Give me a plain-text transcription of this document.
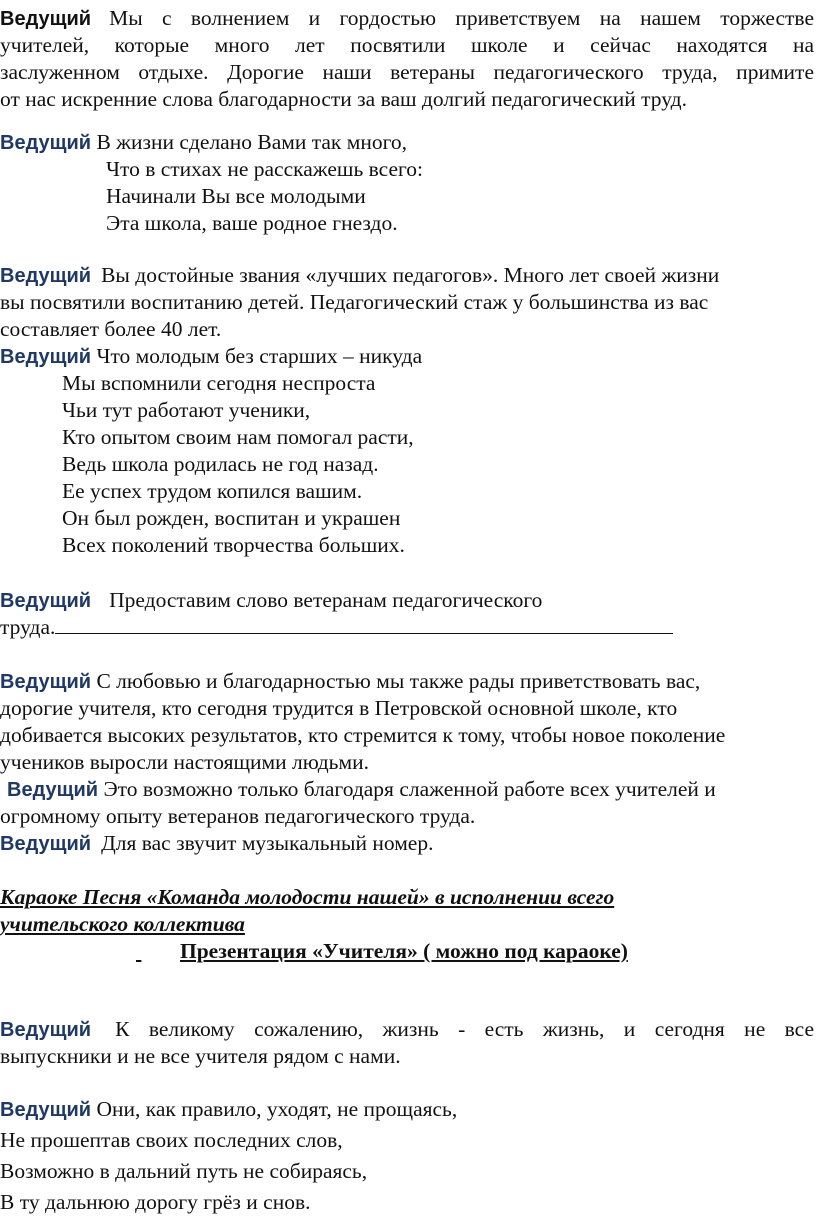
Ведущий Мы с волнением и гордостью приветствуем на нашем торжестве
учителей, которые много лет посвятили школе и сейчас находятся на
заслуженном отдыхе. Дорогие наши ветераны педагогического труда, примите
от нас искренние слова благодарности за ваш долгий педагогический труд.
Ведущий В жизни сделано Вами так много,
Что в стихах не расскажешь всего:
Начинали Вы все молодыми
Эта школа, ваше родное гнездо.
Ведущий Вы достойные звания «лучших педагогов». Много лет своей жизни
вы посвятили воспитанию детей. Педагогический стаж у большинства из вас
составляет более 40 лет.
Ведущий Что молодым без старших – никуда
Мы вспомнили сегодня неспроста
Чьи тут работают ученики,
Кто опытом своим нам помогал расти,
Ведь школа родилась не год назад.
Ее успех трудом копился вашим.
Он был рожден, воспитан и украшен
Всех поколений творчества больших.
Ведущий Предоставим слово ветеранам педагогического
труда.
Ведущий С любовью и благодарностью мы также рады приветствовать вас,
дорогие учителя, кто сегодня трудится в Петровской основной школе, кто
добивается высоких результатов, кто стремится к тому, чтобы новое поколение
учеников выросли настоящими людьми.
Ведущий Это возможно только благодаря слаженной работе всех учителей и
огромному опыту ветеранов педагогического труда.
Ведущий Для вас звучит музыкальный номер.
Караоке Песня «Команда молодости нашей» в исполнении всего
учительского коллектива
Презентация «Учителя» ( можно под караоке)
Ведущий К великому сожалению, жизнь - есть жизнь, и сегодня не все
выпускники и не все учителя рядом с нами.
Ведущий Они, как правило, уходят, не прощаясь,
Не прошептав своих последних слов,
Возможно в дальний путь не собираясь,
В ту дальнюю дорогу грёз и снов.
